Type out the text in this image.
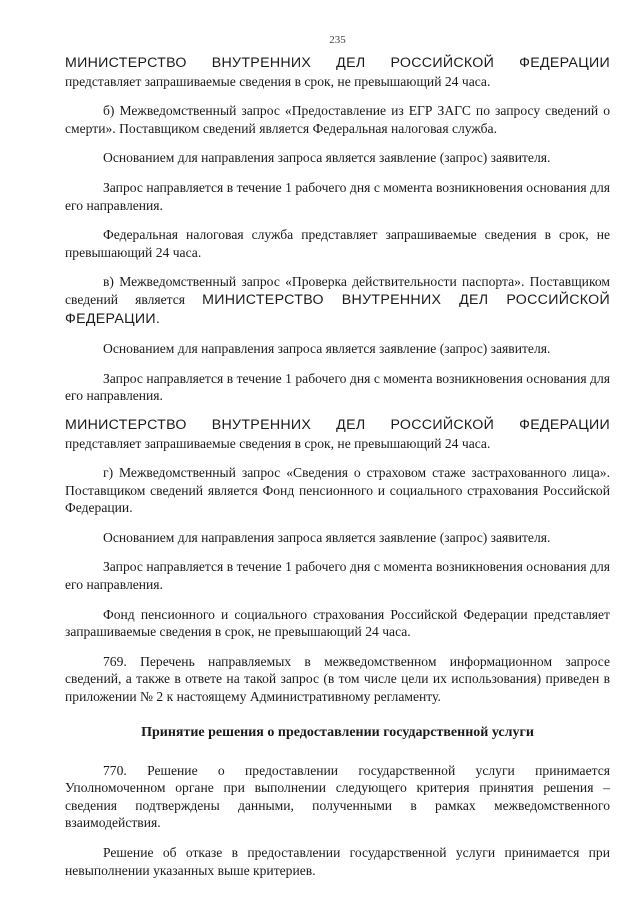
235

МИНИСТЕРСТВО ВНУТРЕННИХ ДЕЛ РОССИЙСКОЙ ФЕДЕРАЦИИ
представляет запрашиваемые сведения в срок, не превышающий 24 часа.

б) Межведомственный запрос «Предоставление из ЕГР ЗАГС по запросу сведений о смерти». Поставщиком сведений является Федеральная налоговая служба.

Основанием для направления запроса является заявление (запрос) заявителя.

Запрос направляется в течение 1 рабочего дня с момента возникновения основания для его направления.

Федеральная налоговая служба представляет запрашиваемые сведения в срок, не превышающий 24 часа.

в) Межведомственный запрос «Проверка действительности паспорта». Поставщиком сведений является МИНИСТЕРСТВО ВНУТРЕННИХ ДЕЛ РОССИЙСКОЙ ФЕДЕРАЦИИ.

Основанием для направления запроса является заявление (запрос) заявителя.

Запрос направляется в течение 1 рабочего дня с момента возникновения основания для его направления.

МИНИСТЕРСТВО ВНУТРЕННИХ ДЕЛ РОССИЙСКОЙ ФЕДЕРАЦИИ
представляет запрашиваемые сведения в срок, не превышающий 24 часа.

г) Межведомственный запрос «Сведения о страховом стаже застрахованного лица». Поставщиком сведений является Фонд пенсионного и социального страхования Российской Федерации.

Основанием для направления запроса является заявление (запрос) заявителя.

Запрос направляется в течение 1 рабочего дня с момента возникновения основания для его направления.

Фонд пенсионного и социального страхования Российской Федерации представляет запрашиваемые сведения в срок, не превышающий 24 часа.

769. Перечень направляемых в межведомственном информационном запросе сведений, а также в ответе на такой запрос (в том числе цели их использования) приведен в приложении № 2 к настоящему Административному регламенту.

Принятие решения о предоставлении государственной услуги

770. Решение о предоставлении государственной услуги принимается Уполномоченном органе при выполнении следующего критерия принятия решения – сведения подтверждены данными, полученными в рамках межведомственного взаимодействия.

Решение об отказе в предоставлении государственной услуги принимается при невыполнении указанных выше критериев.
